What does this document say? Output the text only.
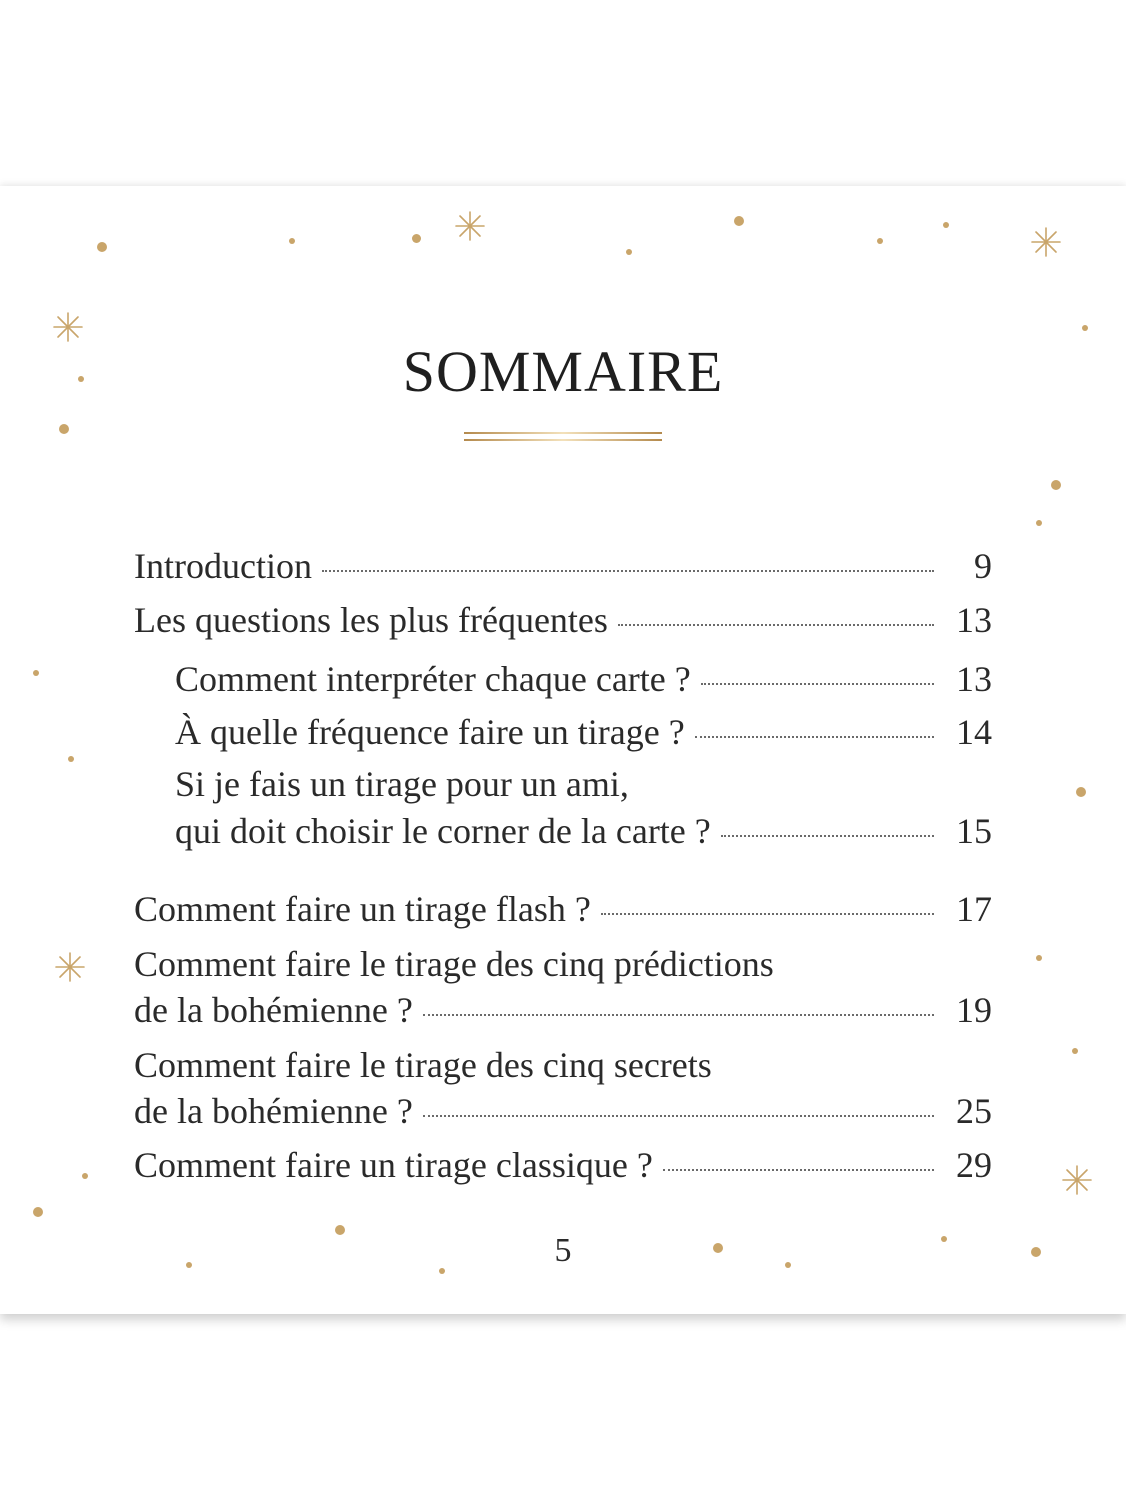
SOMMAIRE
Introduction	9
Les questions les plus fréquentes	13
Comment interpréter chaque carte ?	13
À quelle fréquence faire un tirage ?	14
Si je fais un tirage pour un ami,
qui doit choisir le corner de la carte ?	15
Comment faire un tirage flash ?	17
Comment faire le tirage des cinq prédictions
de la bohémienne ?	19
Comment faire le tirage des cinq secrets
de la bohémienne ?	25
Comment faire un tirage classique ?	29
5
